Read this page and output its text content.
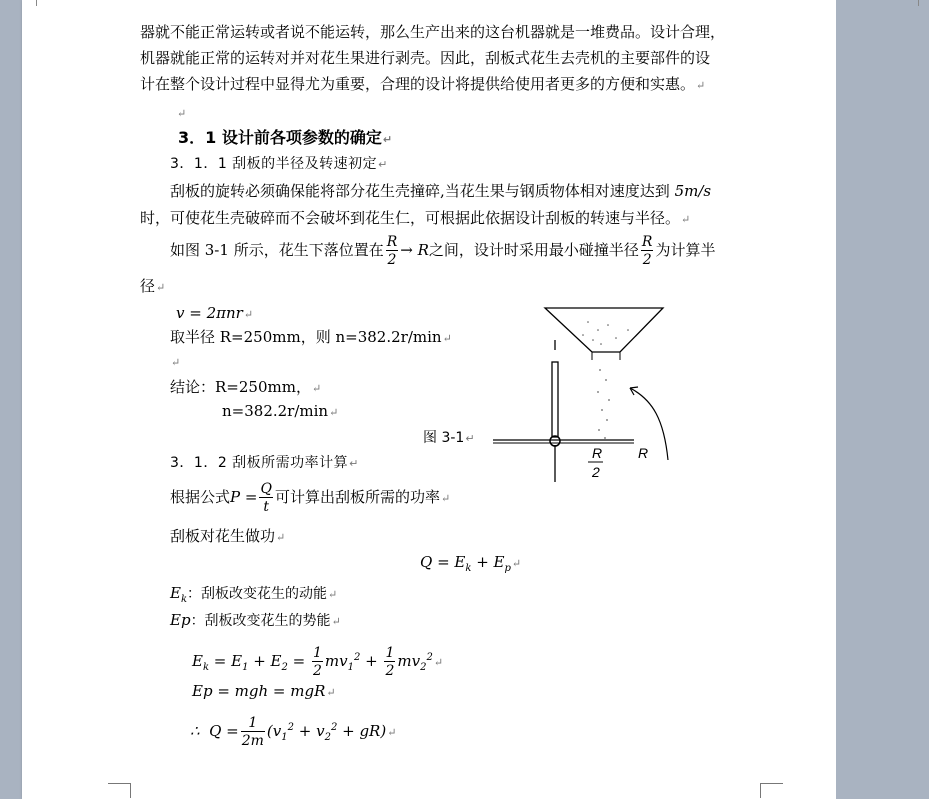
器就不能正常运转或者说不能运转，那么生产出来的这台机器就是一堆费品。设计合理，
机器就能正常的运转对并对花生果进行剥壳。因此，刮板式花生去壳机的主要部件的设
计在整个设计过程中显得尤为重要，合理的设计将提供给使用者更多的方便和实惠。↵
↵
3．1 设计前各项参数的确定↵
3．1．1 刮板的半径及转速初定↵
刮板的旋转必须确保能将部分花生壳撞碎,当花生果与钢质物体相对速度达到 5m/s
时，可使花生壳破碎而不会破坏到花生仁，可根据此依据设计刮板的转速与半径。↵
如图 3-1 所示，花生下落位置在 $\frac{R}{2} \to R$之间，设计时采用最小碰撞半径 $\frac{R}{2}$ 为计算半
径↵
v = 2πnr↵
取半径 R=250mm，则 n=382.2r/min↵
↵
结论：R=250mm，↵
n=382.2r/min↵
图 3-1↵
R
2
R
3．1．2 刮板所需功率计算↵
根据公式$P = \frac{Q}{t}$ 可计算出刮板所需的功率↵
刮板对花生做功↵
$Q = E_k$ + $E_p↵$
$E_k$：刮板改变花生的动能↵
Ep：刮板改变花生的势能↵
$E_k = E_1 + E_2 = \frac{1}{2} mv_1^2 + \frac{1}{2}$ $mv_2^2↵$
Ep = mgh = mgR↵
∴ $Q = \frac{1}{2m} (v_1^2 + v_2^2$ + gR)↵
